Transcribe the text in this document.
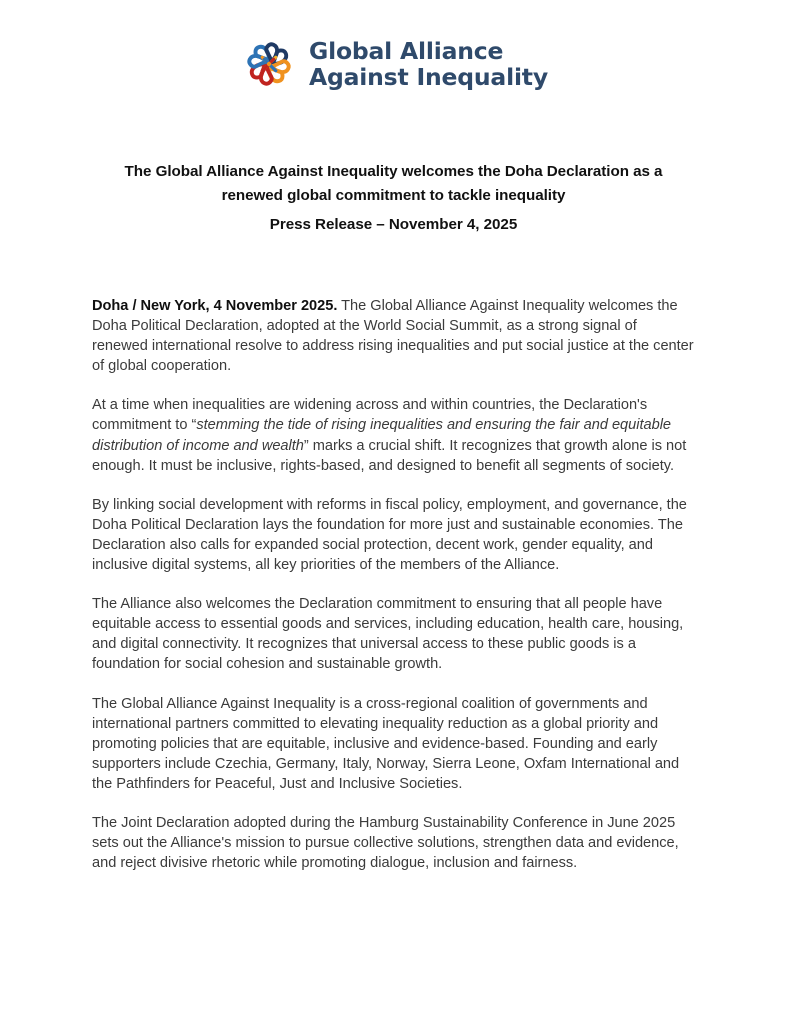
Global Alliance
Against Inequality
The Global Alliance Against Inequality welcomes the Doha Declaration as a renewed global commitment to tackle inequality
Press Release – November 4, 2025

Doha / New York, 4 November 2025. The Global Alliance Against Inequality welcomes the Doha Political Declaration, adopted at the World Social Summit, as a strong signal of renewed international resolve to address rising inequalities and put social justice at the center of global cooperation.

At a time when inequalities are widening across and within countries, the Declaration's commitment to “stemming the tide of rising inequalities and ensuring the fair and equitable distribution of income and wealth” marks a crucial shift. It recognizes that growth alone is not enough. It must be inclusive, rights-based, and designed to benefit all segments of society.

By linking social development with reforms in fiscal policy, employment, and governance, the Doha Political Declaration lays the foundation for more just and sustainable economies. The Declaration also calls for expanded social protection, decent work, gender equality, and inclusive digital systems, all key priorities of the members of the Alliance.

The Alliance also welcomes the Declaration commitment to ensuring that all people have equitable access to essential goods and services, including education, health care, housing, and digital connectivity. It recognizes that universal access to these public goods is a foundation for social cohesion and sustainable growth.

The Global Alliance Against Inequality is a cross-regional coalition of governments and international partners committed to elevating inequality reduction as a global priority and promoting policies that are equitable, inclusive and evidence-based. Founding and early supporters include Czechia, Germany, Italy, Norway, Sierra Leone, Oxfam International and the Pathfinders for Peaceful, Just and Inclusive Societies.

The Joint Declaration adopted during the Hamburg Sustainability Conference in June 2025 sets out the Alliance's mission to pursue collective solutions, strengthen data and evidence, and reject divisive rhetoric while promoting dialogue, inclusion and fairness.
